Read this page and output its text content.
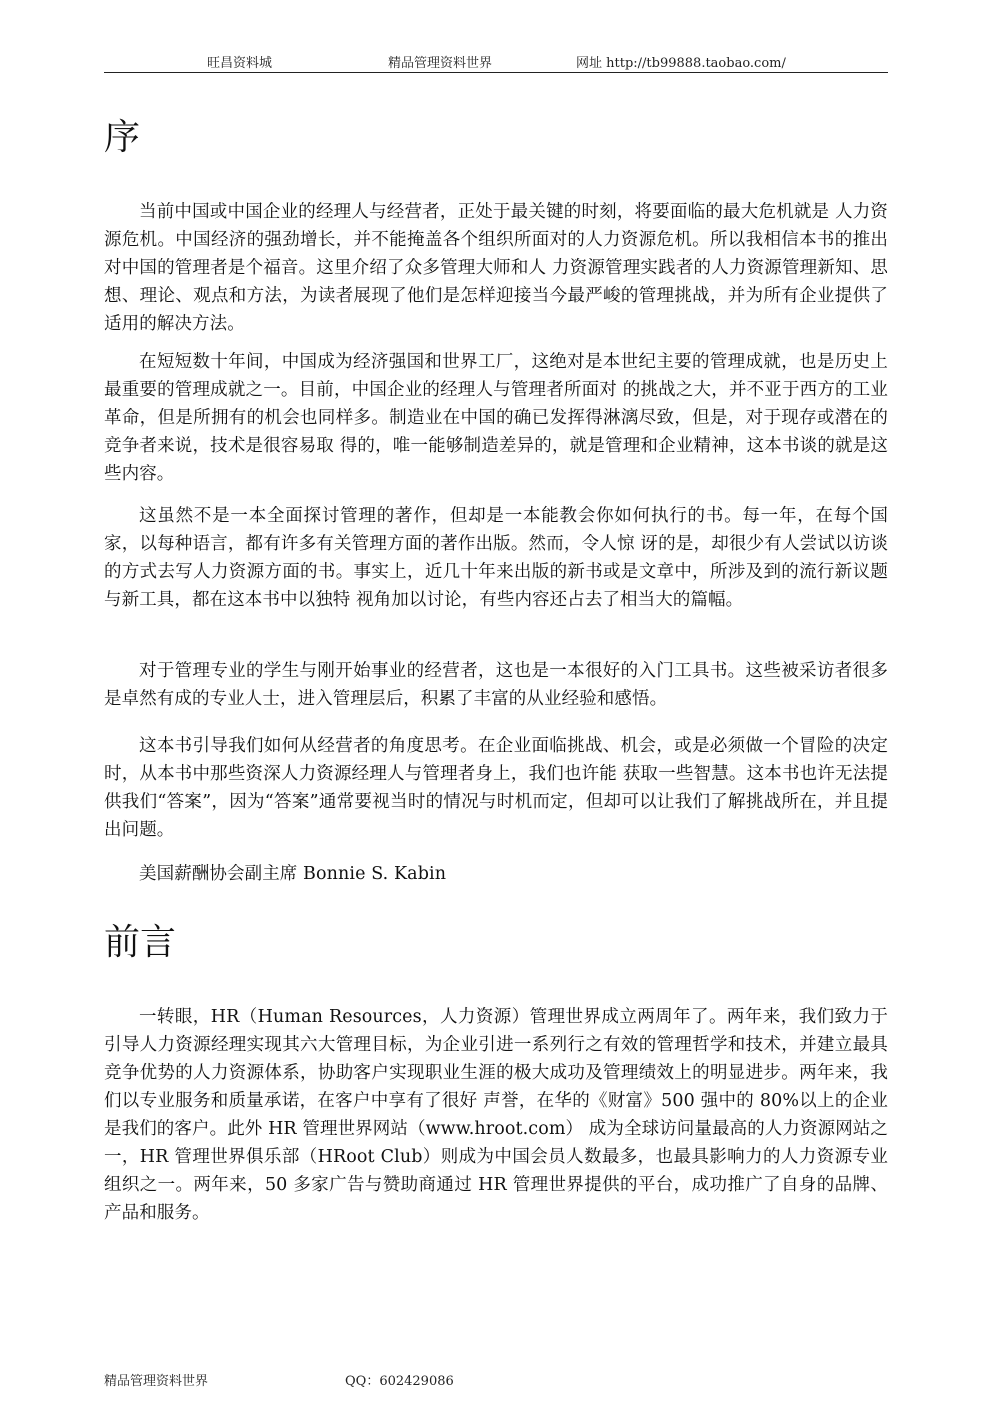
旺昌资料城	精品管理资料世界	网址 http://tb99888.taobao.com/
序

当前中国或中国企业的经理人与经营者，正处于最关键的时刻，将要面临的最大危机就是 人力资源危机。中国经济的强劲增长，并不能掩盖各个组织所面对的人力资源危机。所以我相信本书的推出对中国的管理者是个福音。这里介绍了众多管理大师和人 力资源管理实践者的人力资源管理新知、思想、理论、观点和方法，为读者展现了他们是怎样迎接当今最严峻的管理挑战，并为所有企业提供了适用的解决方法。

在短短数十年间，中国成为经济强国和世界工厂，这绝对是本世纪主要的管理成就，也是历史上最重要的管理成就之一。目前，中国企业的经理人与管理者所面对 的挑战之大，并不亚于西方的工业革命，但是所拥有的机会也同样多。制造业在中国的确已发挥得淋漓尽致，但是，对于现存或潜在的竞争者来说，技术是很容易取 得的，唯一能够制造差异的，就是管理和企业精神，这本书谈的就是这些内容。

这虽然不是一本全面探讨管理的著作，但却是一本能教会你如何执行的书。每一年，在每个国家，以每种语言，都有许多有关管理方面的著作出版。然而，令人惊 讶的是，却很少有人尝试以访谈的方式去写人力资源方面的书。事实上，近几十年来出版的新书或是文章中，所涉及到的流行新议题与新工具，都在这本书中以独特 视角加以讨论，有些内容还占去了相当大的篇幅。

对于管理专业的学生与刚开始事业的经营者，这也是一本很好的入门工具书。这些被采访者很多是卓然有成的专业人士，进入管理层后，积累了丰富的从业经验和感悟。

这本书引导我们如何从经营者的角度思考。在企业面临挑战、机会，或是必须做一个冒险的决定时，从本书中那些资深人力资源经理人与管理者身上，我们也许能 获取一些智慧。这本书也许无法提供我们“答案”，因为“答案”通常要视当时的情况与时机而定，但却可以让我们了解挑战所在，并且提出问题。

美国薪酬协会副主席 Bonnie S. Kabin

前言

一转眼，HR（Human Resources，人力资源）管理世界成立两周年了。两年来，我们致力于引导人力资源经理实现其六大管理目标，为企业引进一系列行之有效的管理哲学和技术，并建立最具竞争优势的人力资源体系，协助客户实现职业生涯的极大成功及管理绩效上的明显进步。两年来，我们以专业服务和质量承诺，在客户中享有了很好 声誉，在华的《财富》500 强中的 80%以上的企业是我们的客户。此外 HR 管理世界网站（www.hroot.com） 成为全球访问量最高的人力资源网站之一，HR 管理世界俱乐部（HRoot Club）则成为中国会员人数最多，也最具影响力的人力资源专业组织之一。两年来，50 多家广告与赞助商通过 HR 管理世界提供的平台，成功推广了自身的品牌、产品和服务。

精品管理资料世界	QQ：602429086
